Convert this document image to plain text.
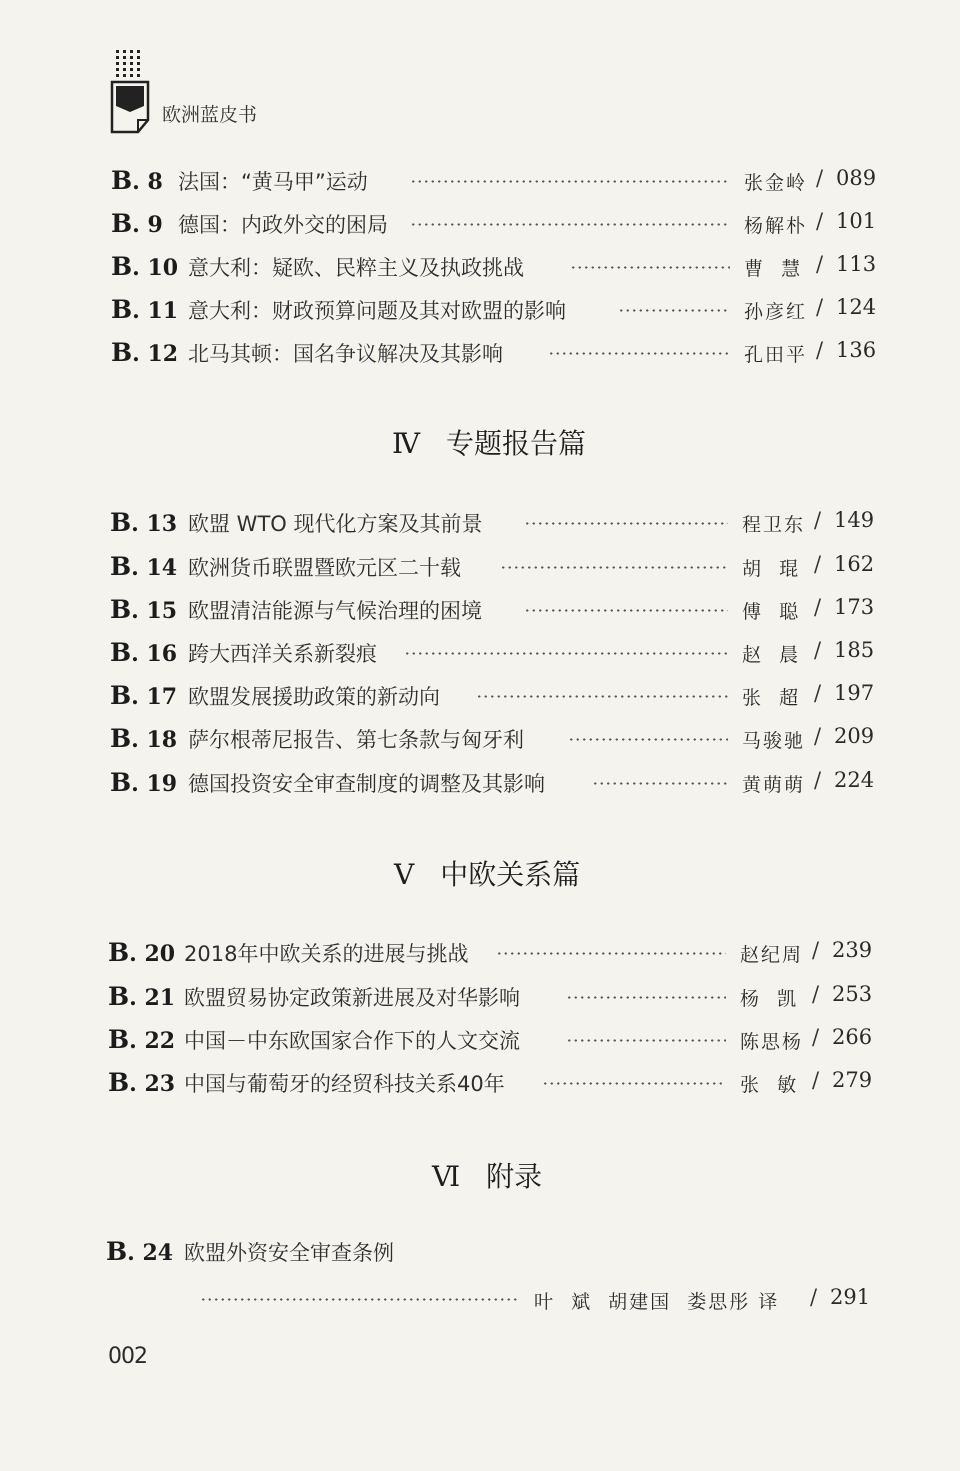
欧洲蓝皮书
B. 8 法国：“黄马甲”运动	张金岭 / 089
B. 9 德国：内政外交的困局	杨解朴 / 101
B. 10 意大利：疑欧、民粹主义及执政挑战	曹  慧 / 113
B. 11 意大利：财政预算问题及其对欧盟的影响	孙彦红 / 124
B. 12 北马其顿：国名争议解决及其影响	孔田平 / 136
Ⅳ 专题报告篇
B. 13 欧盟 WTO 现代化方案及其前景	程卫东 / 149
B. 14 欧洲货币联盟暨欧元区二十载	胡  琨 / 162
B. 15 欧盟清洁能源与气候治理的困境	傅  聪 / 173
B. 16 跨大西洋关系新裂痕	赵  晨 / 185
B. 17 欧盟发展援助政策的新动向	张  超 / 197
B. 18 萨尔根蒂尼报告、第七条款与匈牙利	马骏驰 / 209
B. 19 德国投资安全审查制度的调整及其影响	黄萌萌 / 224
Ⅴ 中欧关系篇
B. 20 2018年中欧关系的进展与挑战	赵纪周 / 239
B. 21 欧盟贸易协定政策新进展及对华影响	杨  凯 / 253
B. 22 中国－中东欧国家合作下的人文交流	陈思杨 / 266
B. 23 中国与葡萄牙的经贸科技关系40年	张  敏 / 279
Ⅵ 附录
B. 24 欧盟外资安全审查条例
叶  斌  胡建国  娄思彤 译 / 291
002
